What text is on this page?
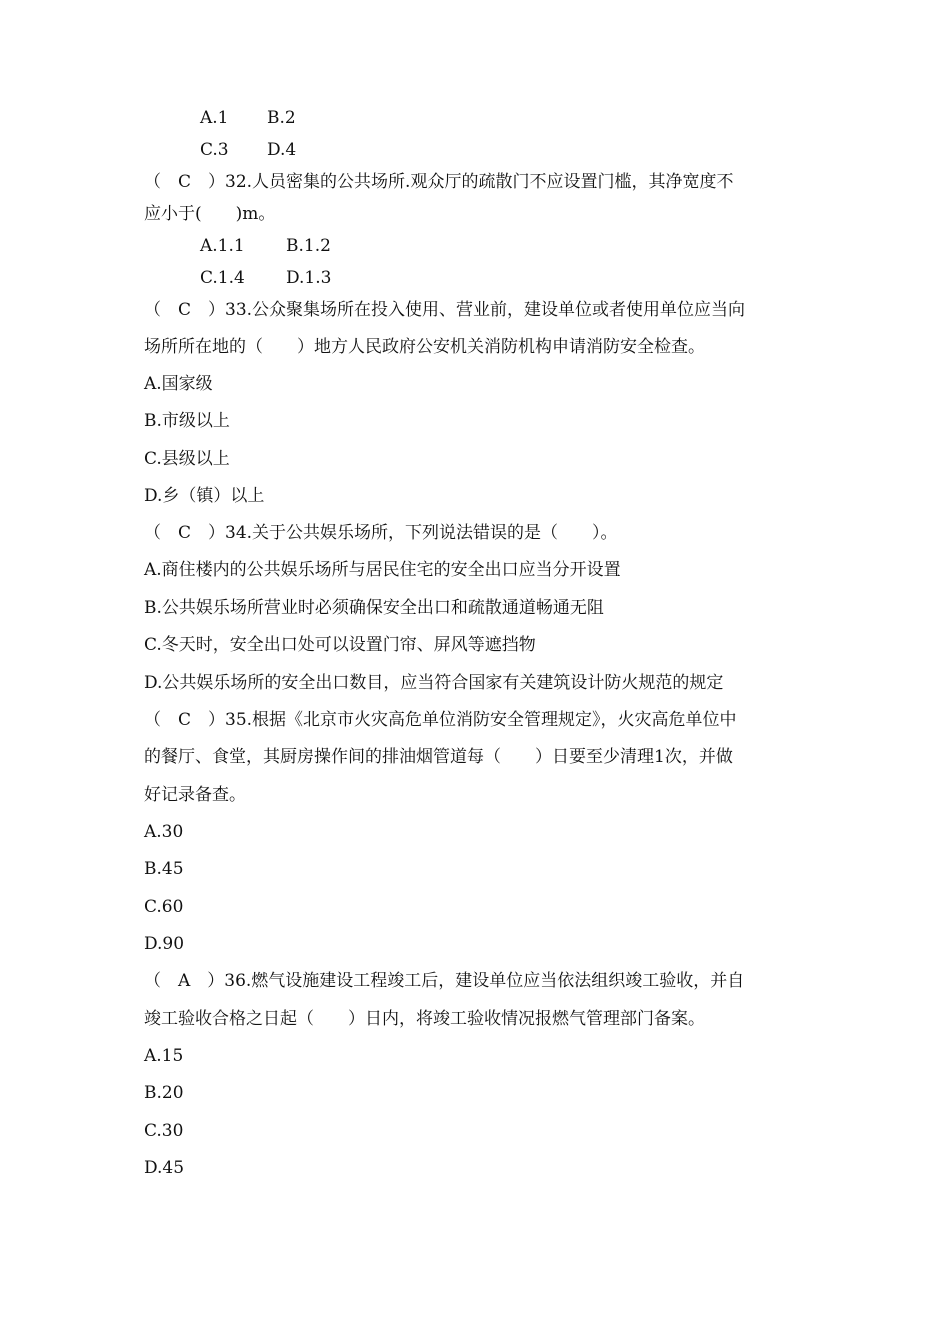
A.1 B.2
C.3 D.4
（　C　）32.人员密集的公共场所.观众厅的疏散门不应设置门槛，其净宽度不
应小于(　　)m。
A.1.1 B.1.2
C.1.4 D.1.3
（　C　）33.公众聚集场所在投入使用、营业前，建设单位或者使用单位应当向
场所所在地的（　　）地方人民政府公安机关消防机构申请消防安全检查。
A.国家级
B.市级以上
C.县级以上
D.乡（镇）以上
（　C　）34.关于公共娱乐场所，下列说法错误的是（　　）。
A.商住楼内的公共娱乐场所与居民住宅的安全出口应当分开设置
B.公共娱乐场所营业时必须确保安全出口和疏散通道畅通无阻
C.冬天时，安全出口处可以设置门帘、屏风等遮挡物
D.公共娱乐场所的安全出口数目，应当符合国家有关建筑设计防火规范的规定
（　C　）35.根据《北京市火灾高危单位消防安全管理规定》，火灾高危单位中
的餐厅、食堂，其厨房操作间的排油烟管道每（　　）日要至少清理1次，并做
好记录备查。
A.30
B.45
C.60
D.90
（　A　）36.燃气设施建设工程竣工后，建设单位应当依法组织竣工验收，并自
竣工验收合格之日起（　　）日内，将竣工验收情况报燃气管理部门备案。
A.15
B.20
C.30
D.45
